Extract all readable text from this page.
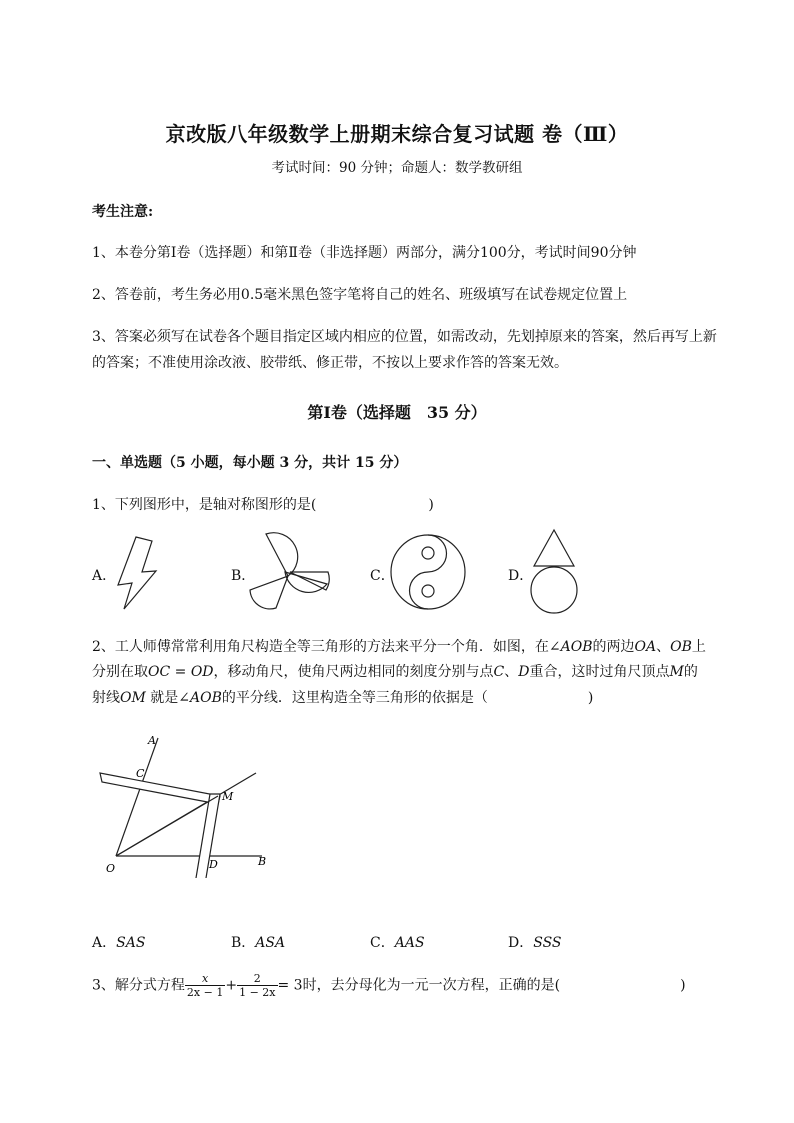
京改版八年级数学上册期末综合复习试题 卷（Ⅲ）
考试时间：90 分钟；命题人：数学教研组
考生注意:
1、本卷分第Ⅰ卷（选择题）和第Ⅱ卷（非选择题）两部分，满分100分，考试时间90分钟
2、答卷前，考生务必用0.5毫米黑色签字笔将自己的姓名、班级填写在试卷规定位置上
3、答案必须写在试卷各个题目指定区域内相应的位置，如需改动，先划掉原来的答案，然后再写上新
的答案；不准使用涂改液、胶带纸、修正带，不按以上要求作答的答案无效。
第Ⅰ卷（选择题　35 分）
一、单选题（5 小题，每小题 3 分，共计 15 分）
1、下列图形中，是轴对称图形的是(	)
A．	B．	C．	D．
2、工人师傅常常利用角尺构造全等三角形的方法来平分一个角．如图，在∠AOB的两边OA、OB上
分别在取OC = OD，移动角尺，使角尺两边相同的刻度分别与点C、D重合，这时过角尺顶点M的
射线OM 就是∠AOB的平分线．这里构造全等三角形的依据是（	)
A
C
M
D	B
O
A．SAS	B．ASA	C．AAS	D．SSS
3、解分式方程 $\frac{x}{2x - 1} + \frac{2}{1 - 2x} = 3$时，去分母化为一元一次方程，正确的是(	)
